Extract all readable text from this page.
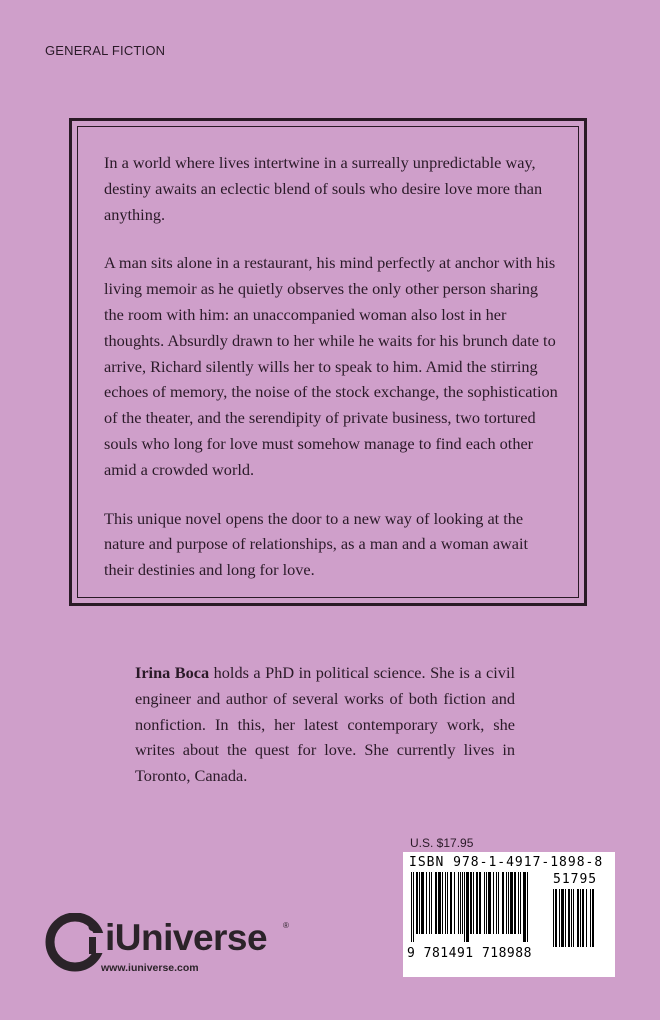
GENERAL FICTION

In a world where lives intertwine in a surreally unpredictable way, destiny awaits an eclectic blend of souls who desire love more than anything.

A man sits alone in a restaurant, his mind perfectly at anchor with his living memoir as he quietly observes the only other person sharing the room with him: an unaccompanied woman also lost in her thoughts. Absurdly drawn to her while he waits for his brunch date to arrive, Richard silently wills her to speak to him. Amid the stirring echoes of memory, the noise of the stock exchange, the sophistication of the theater, and the serendipity of private business, two tortured souls who long for love must somehow manage to find each other amid a crowded world.

This unique novel opens the door to a new way of looking at the nature and purpose of relationships, as a man and a woman await their destinies and long for love.

Irina Boca holds a PhD in political science. She is a civil engineer and author of several works of both fiction and nonfiction. In this, her latest contemporary work, she writes about the quest for love. She currently lives in Toronto, Canada.
U.S. $17.95
ISBN 978-1-4917-1898-8
51795
9 781491 718988
iUniverse ®
www.iuniverse.com
